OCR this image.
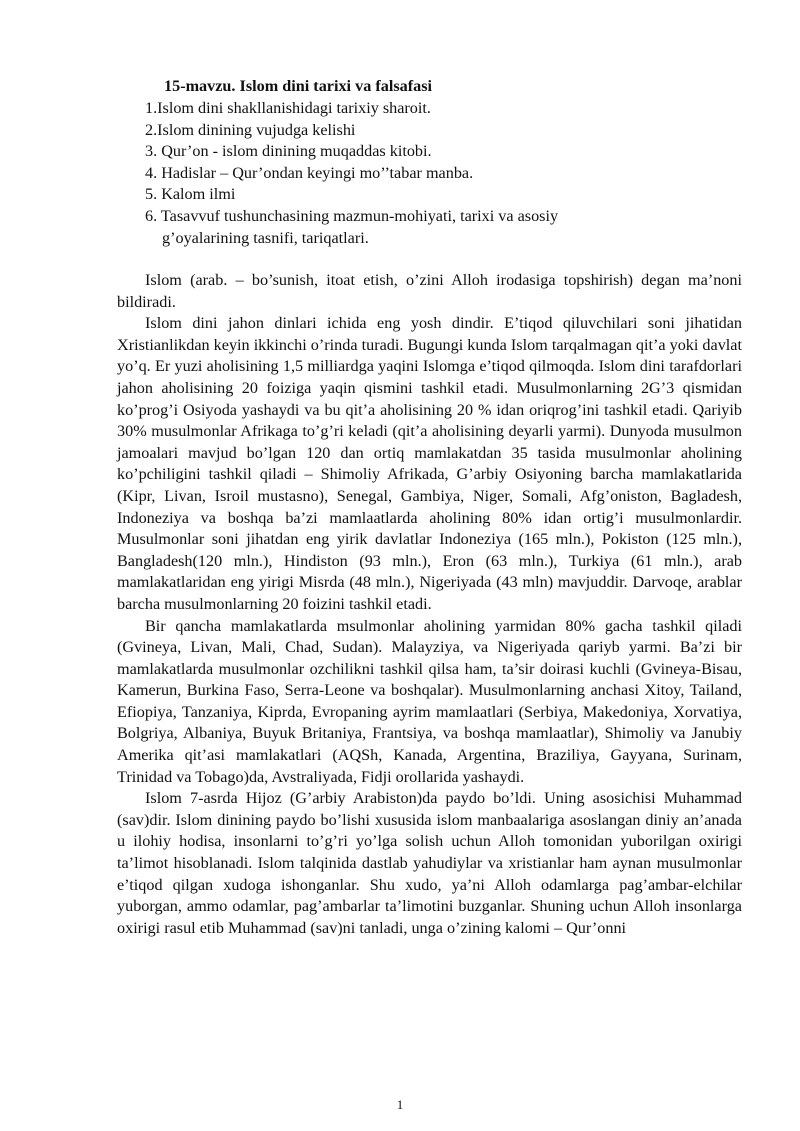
15-mavzu. Islom dini tarixi va falsafasi
1.Islom dini shakllanishidagi tarixiy sharoit.
2.Islom dinining vujudga kelishi
3. Qur’on - islom dinining muqaddas kitobi.
4. Hadislar – Qur’ondan keyingi mo’’tabar manba.
5. Kalom ilmi
6. Tasavvuf tushunchasining mazmun-mohiyati, tarixi va asosiy
g’oyalarining tasnifi, tariqatlari.

Islom (arab. – bo’sunish, itoat etish, o’zini Alloh irodasiga topshirish) degan ma’noni bildiradi.

Islom dini jahon dinlari ichida eng yosh dindir. E’tiqod qiluvchilari soni jihatidan Xristianlikdan keyin ikkinchi o’rinda turadi. Bugungi kunda Islom tarqalmagan qit’a yoki davlat yo’q. Er yuzi aholisining 1,5 milliardga yaqini Islomga e’tiqod qilmoqda. Islom dini tarafdorlari jahon aholisining 20 foiziga yaqin qismini tashkil etadi. Musulmonlarning 2G’3 qismidan ko’prog’i Osiyoda yashaydi va bu qit’a aholisining 20 % idan oriqrog’ini tashkil etadi. Qariyib 30% musulmonlar Afrikaga to’g’ri keladi (qit’a aholisining deyarli yarmi). Dunyoda musulmon jamoalari mavjud bo’lgan 120 dan ortiq mamlakatdan 35 tasida musulmonlar aholining ko’pchiligini tashkil qiladi – Shimoliy Afrikada, G’arbiy Osiyoning barcha mamlakatlarida (Kipr, Livan, Isroil mustasno), Senegal, Gambiya, Niger, Somali, Afg’oniston, Bagladesh, Indoneziya va boshqa ba’zi mamlaatlarda aholining 80% idan ortig’i musulmonlardir. Musulmonlar soni jihatdan eng yirik davlatlar Indoneziya (165 mln.), Pokiston (125 mln.), Bangladesh(120 mln.), Hindiston (93 mln.), Eron (63 mln.), Turkiya (61 mln.), arab mamlakatlaridan eng yirigi Misrda (48 mln.), Nigeriyada (43 mln) mavjuddir. Darvoqe, arablar barcha musulmonlarning 20 foizini tashkil etadi.

Bir qancha mamlakatlarda msulmonlar aholining yarmidan 80% gacha tashkil qiladi (Gvineya, Livan, Mali, Chad, Sudan). Malayziya, va Nigeriyada qariyb yarmi. Ba’zi bir mamlakatlarda musulmonlar ozchilikni tashkil qilsa ham, ta’sir doirasi kuchli (Gvineya-Bisau, Kamerun, Burkina Faso, Serra-Leone va boshqalar). Musulmonlarning anchasi Xitoy, Tailand, Efiopiya, Tanzaniya, Kiprda, Evropaning ayrim mamlaatlari (Serbiya, Makedoniya, Xorvatiya, Bolgriya, Albaniya, Buyuk Britaniya, Frantsiya, va boshqa mamlaatlar), Shimoliy va Janubiy Amerika qit’asi mamlakatlari (AQSh, Kanada, Argentina, Braziliya, Gayyana, Surinam, Trinidad va Tobago)da, Avstraliyada, Fidji orollarida yashaydi.

Islom 7-asrda Hijoz (G’arbiy Arabiston)da paydo bo’ldi. Uning asosichisi Muhammad (sav)dir. Islom dinining paydo bo’lishi xususida islom manbaalariga asoslangan diniy an’anada u ilohiy hodisa, insonlarni to’g’ri yo’lga solish uchun Alloh tomonidan yuborilgan oxirigi ta’limot hisoblanadi. Islom talqinida dastlab yahudiylar va xristianlar ham aynan musulmonlar e’tiqod qilgan xudoga ishonganlar. Shu xudo, ya’ni Alloh odamlarga pag’ambar-elchilar yuborgan, ammo odamlar, pag’ambarlar ta’limotini buzganlar. Shuning uchun Alloh insonlarga oxirigi rasul etib Muhammad (sav)ni tanladi, unga o’zining kalomi – Qur’onni

1
